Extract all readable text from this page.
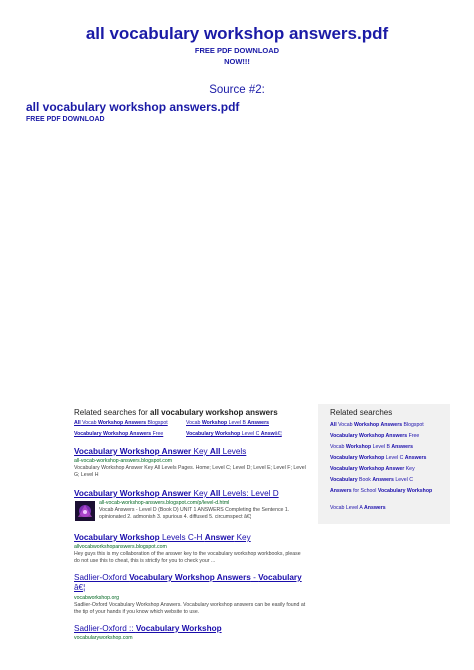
all vocabulary workshop answers.pdf
FREE PDF DOWNLOAD
NOW!!!
Source #2:
all vocabulary workshop answers.pdf
FREE PDF DOWNLOAD
Related searches for all vocabulary workshop answers
All Vocab Workshop Answers Blogspot	Vocab Workshop Level B Answers
Vocabulary Workshop Answers Free	Vocabulary Workshop Level C Answâ€¦
Vocabulary Workshop Answer Key All Levels
all-vocab-workshop-answers.blogspot.com
Vocabulary Workshop Answer Key All Levels Pages. Home; Level C; Level D; Level E; Level F; Level G; Level H
Vocabulary Workshop Answer Key All Levels: Level D
all-vocab-workshop-answers.blogspot.com/p/level-d.html
Vocab Answers - Level D (Book D) UNIT 1 ANSWERS Completing the Sentence 1. opinionated 2. admonish 3. spurious 4. diffused 5. circumspect â€¦
Vocabulary Workshop Levels C-H Answer Key
allvocabworkshopanswers.blogspot.com
Hey guys this is my collaboration of the answer key to the vocabulary workshop workbooks, please do not use this to cheat, this is strictly for you to check your ...
Sadlier-Oxford Vocabulary Workshop Answers - Vocabulary â€¦
vocabworkshop.org
Sadlier-Oxford Vocabulary Workshop Answers. Vocabulary workshop answers can be easily found at the tip of your hands if you know which website to use.
Sadlier-Oxford :: Vocabulary Workshop
vocabularyworkshop.com
Related searches
All Vocab Workshop Answers Blogspot
Vocabulary Workshop Answers Free
Vocab Workshop Level B Answers
Vocabulary Workshop Level C Answers
Vocabulary Workshop Answer Key
Vocabulary Book Answers Level C
Answers for School Vocabulary Workshop
Vocab Level A Answers
